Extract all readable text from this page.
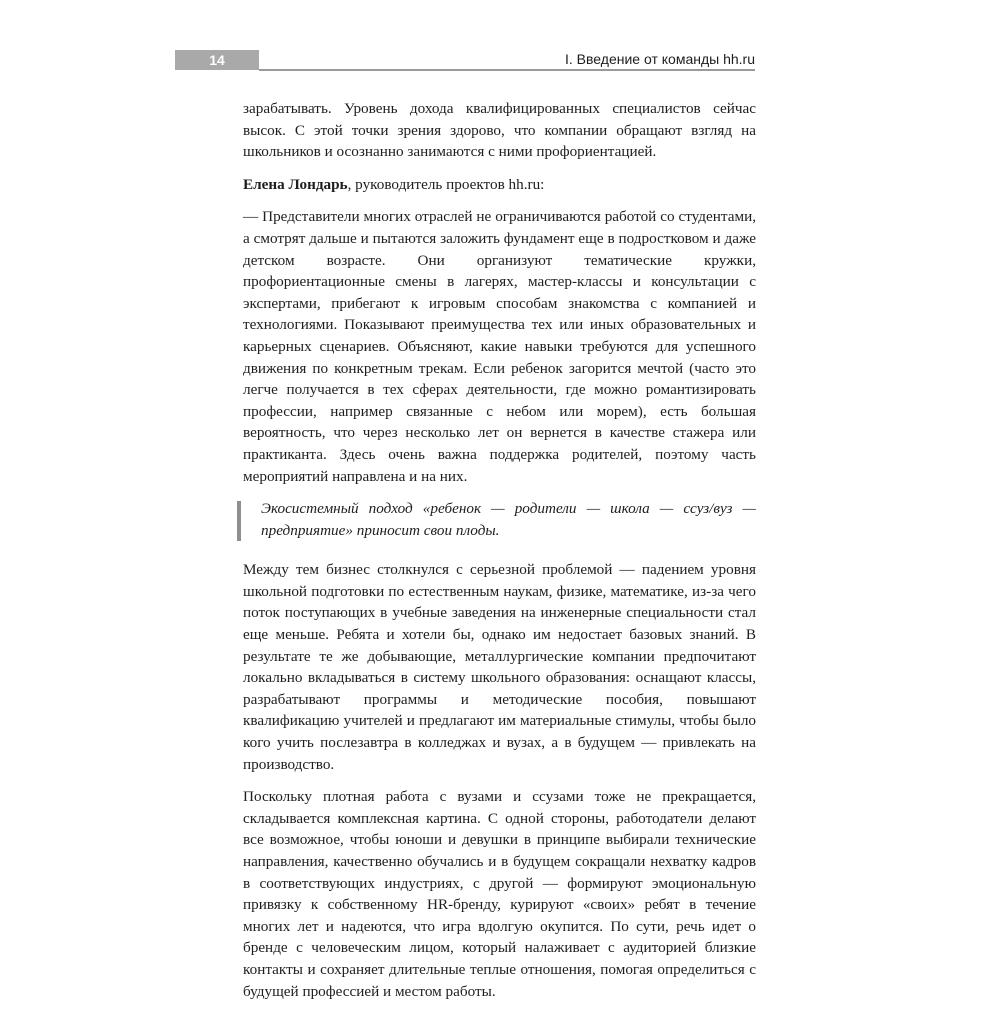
14	I. Введение от команды hh.ru

зарабатывать. Уровень дохода квалифицированных специалистов сейчас высок. С этой точки зрения здорово, что компании обращают взгляд на школьников и осознанно занимаются с ними профориентацией.

Елена Лондарь, руководитель проектов hh.ru:

— Представители многих отраслей не ограничиваются работой со студентами, а смотрят дальше и пытаются заложить фундамент еще в подростковом и даже детском возрасте. Они организуют тематические кружки, профориентационные смены в лагерях, мастер-классы и консультации с экспертами, прибегают к игровым способам знакомства с компанией и технологиями. Показывают преимущества тех или иных образовательных и карьерных сценариев. Объясняют, какие навыки требуются для успешного движения по конкретным трекам. Если ребенок загорится мечтой (часто это легче получается в тех сферах деятельности, где можно романтизировать профессии, например связанные с небом или морем), есть большая вероятность, что через несколько лет он вернется в качестве стажера или практиканта. Здесь очень важна поддержка родителей, поэтому часть мероприятий направлена и на них.

Экосистемный подход «ребенок — родители — школа — ссуз/вуз — предприятие» приносит свои плоды.

Между тем бизнес столкнулся с серьезной проблемой — падением уровня школьной подготовки по естественным наукам, физике, математике, из-за чего поток поступающих в учебные заведения на инженерные специальности стал еще меньше. Ребята и хотели бы, однако им недостает базовых знаний. В результате те же добывающие, металлургические компании предпочитают локально вкладываться в систему школьного образования: оснащают классы, разрабатывают программы и методические пособия, повышают квалификацию учителей и предлагают им материальные стимулы, чтобы было кого учить послезавтра в колледжах и вузах, а в будущем — привлекать на производство.

Поскольку плотная работа с вузами и ссузами тоже не прекращается, складывается комплексная картина. С одной стороны, работодатели делают все возможное, чтобы юноши и девушки в принципе выбирали технические направления, качественно обучались и в будущем сокращали нехватку кадров в соответствующих индустриях, с другой — формируют эмоциональную привязку к собственному HR-бренду, курируют «своих» ребят в течение многих лет и надеются, что игра вдолгую окупится. По сути, речь идет о бренде с человеческим лицом, который налаживает с аудиторией близкие контакты и сохраняет длительные теплые отношения, помогая определиться с будущей профессией и местом работы.
